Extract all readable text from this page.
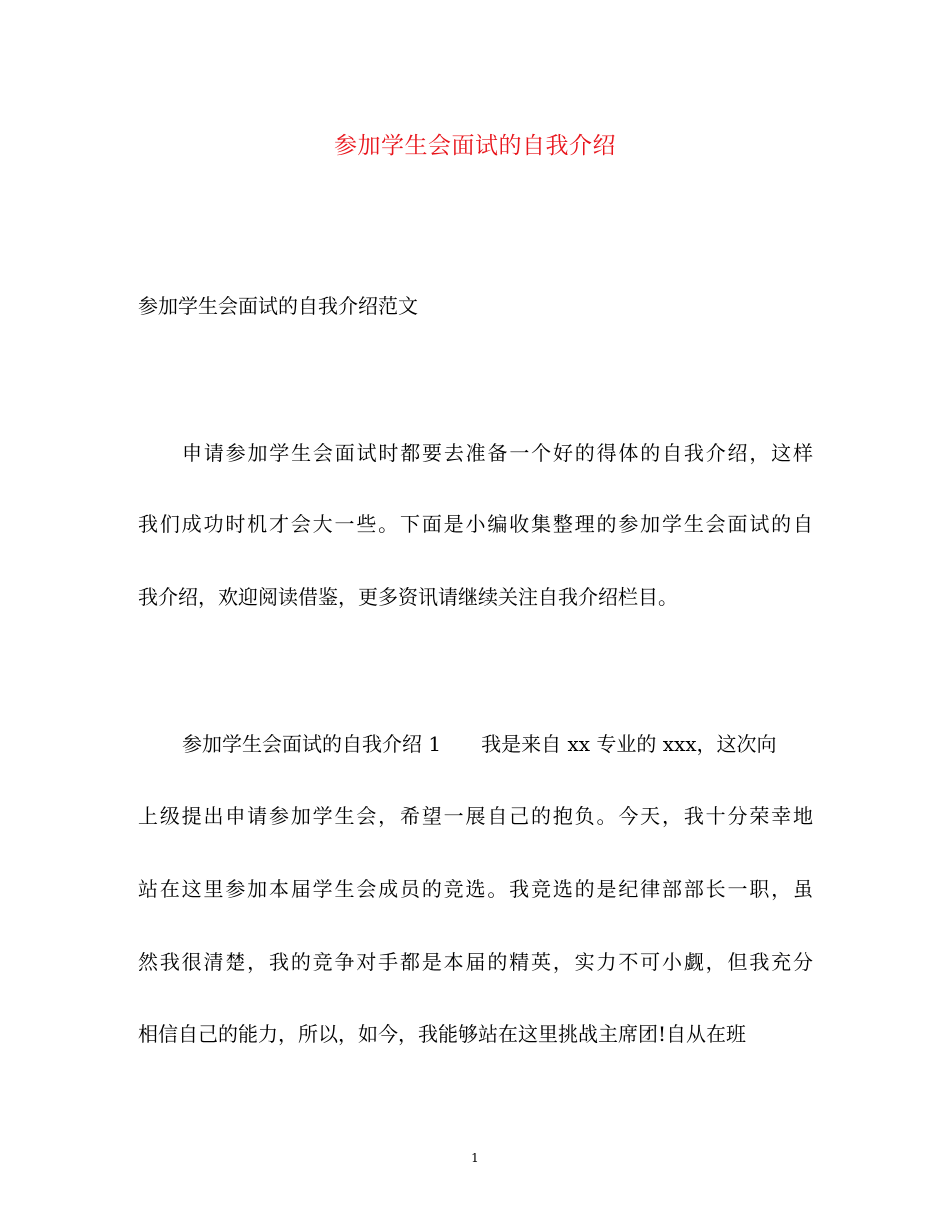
参加学生会面试的自我介绍
参加学生会面试的自我介绍范文
申请参加学生会面试时都要去准备一个好的得体的自我介绍，这样
我们成功时机才会大一些。下面是小编收集整理的参加学生会面试的自
我介绍，欢迎阅读借鉴，更多资讯请继续关注自我介绍栏目。
参加学生会面试的自我介绍 1 我是来自 xx 专业的 xxx，这次向
上级提出申请参加学生会，希望一展自己的抱负。今天，我十分荣幸地
站在这里参加本届学生会成员的竞选。我竞选的是纪律部部长一职，虽
然我很清楚，我的竞争对手都是本届的精英，实力不可小觑，但我充分
相信自己的能力，所以，如今，我能够站在这里挑战主席团!自从在班
1
